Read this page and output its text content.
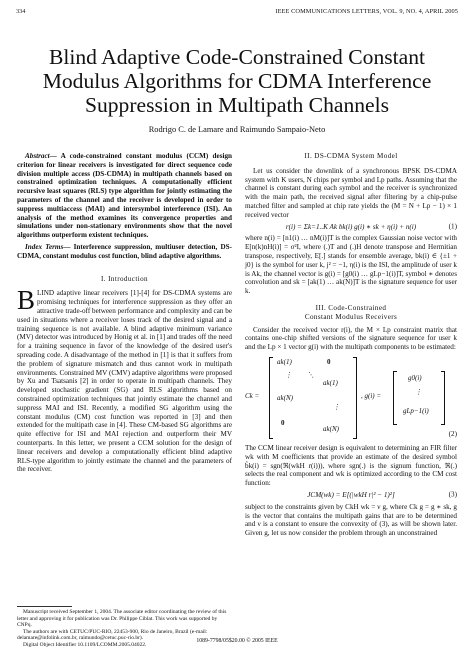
334	IEEE COMMUNICATIONS LETTERS, VOL. 9, NO. 4, APRIL 2005
Blind Adaptive Code-Constrained Constant
Modulus Algorithms for CDMA Interference
Suppression in Multipath Channels
Rodrigo C. de Lamare and Raimundo Sampaio-Neto

Abstract— A code-constrained constant modulus (CCM) design criterion for linear receivers is investigated for direct sequence code division multiple access (DS-CDMA) in multipath channels based on constrained optimization techniques. A computationally efficient recursive least squares (RLS) type algorithm for jointly estimating the parameters of the channel and the receiver is developed in order to suppress multiaccess (MAI) and intersymbol interference (ISI). An analysis of the method examines its convergence properties and simulations under non-stationary environments show that the novel algorithms outperform existent techniques.

Index Terms— Interference suppression, multiuser detection, DS-CDMA, constant modulus cost function, blind adaptive algorithms.

I. Introduction

BLIND adaptive linear receivers [1]-[4] for DS-CDMA systems are promising techniques for interference suppression as they offer an attractive trade-off between performance and complexity and can be used in situations where a receiver loses track of the desired signal and a training sequence is not available. A blind adaptive minimum variance (MV) detector was introduced by Honig et al. in [1] and trades off the need for a training sequence in favor of the knowledge of the desired user's spreading code. A disadvantage of the method in [1] is that it suffers from the problem of signature mismatch and thus cannot work in multipath environments. Constrained MV (CMV) adaptive algorithms were proposed by Xu and Tsatsanis [2] in order to operate in multipath channels. They developed stochastic gradient (SG) and RLS algorithms based on constrained optimization techniques that jointly estimate the channel and suppress MAI and ISI. Recently, a modified SG algorithm using the constant modulus (CM) cost function was reported in [3] and then extended for the multipath case in [4]. These CM-based SG algorithms are quite effective for ISI and MAI rejection and outperform their MV counterparts. In this letter, we present a CCM solution for the design of linear receivers and develop a computationally efficient blind adaptive RLS-type algorithm to jointly estimate the channel and the parameters of the receiver.

II. DS-CDMA System Model

Let us consider the downlink of a synchronous BPSK DS-CDMA system with K users, N chips per symbol and Lp paths. Assuming that the channel is constant during each symbol and the receiver is synchronized with the main path, the received signal after filtering by a chip-pulse matched filter and sampled at chip rate yields the (M = N + Lp − 1) × 1 received vector

r(i) = Σk=1..K Ak bk(i) g(i) ∗ sk + η(i) + n(i)	(1)

where n(i) = [n1(i) … nM(i)]T is the complex Gaussian noise vector with E[n(k)nH(i)] = σ²I, where (.)T and (.)H denote transpose and Hermitian transpose, respectively, E[.] stands for ensemble average, bk(i) ∈ {±1 + j0} is the symbol for user k, j² = −1, η(i) is the ISI, the amplitude of user k is Ak, the channel vector is g(i) = [g0(i) … gLp−1(i)]T, symbol ∗ denotes convolution and sk = [ak(1) … ak(N)]T is the signature sequence for user k.

III. Code-Constrained
Constant Modulus Receivers

Consider the received vector r(i), the M × Lp constraint matrix that contains one-chip shifted versions of the signature sequence for user k and the Lp × 1 vector g(i) with the multipath components to be estimated:

Ck =
ak(1)	0
⋮ ⋱
ak(1)
ak(N)
⋮
0
ak(N)
, g(i) =
g0(i)
⋮
gLp−1(i)
(2)

The CCM linear receiver design is equivalent to determining an FIR filter wk with M coefficients that provide an estimate of the desired symbol b̂k(i) = sgn(ℜ(wkH r(i))), where sgn(.) is the signum function, ℜ(.) selects the real component and wk is optimized according to the CM cost function:

JCM(wk) = E[(|wkH r|² − 1)²]	(3)

subject to the constraints given by CkH wk = ν g, where Ck g = g ∗ sk, g is the vector that contains the multipath gains that are to be determined and ν is a constant to ensure the convexity of (3), as will be shown later. Given g, let us now consider the problem through an unconstrained

Manuscript received September 1, 2004. The associate editor coordinating the review of this letter and approving it for publication was Dr. Philippe Ciblat. This work was supported by CNPq.

The authors are with CETUC/PUC-RIO, 22453-900, Rio de Janeiro, Brazil (e-mail: delamare@infolink.com.br, raimundo@cetuc.puc-rio.br).

Digital Object Identifier 10.1109/LCOMM.2005.04022.

1089-7798/05$20.00 © 2005 IEEE
